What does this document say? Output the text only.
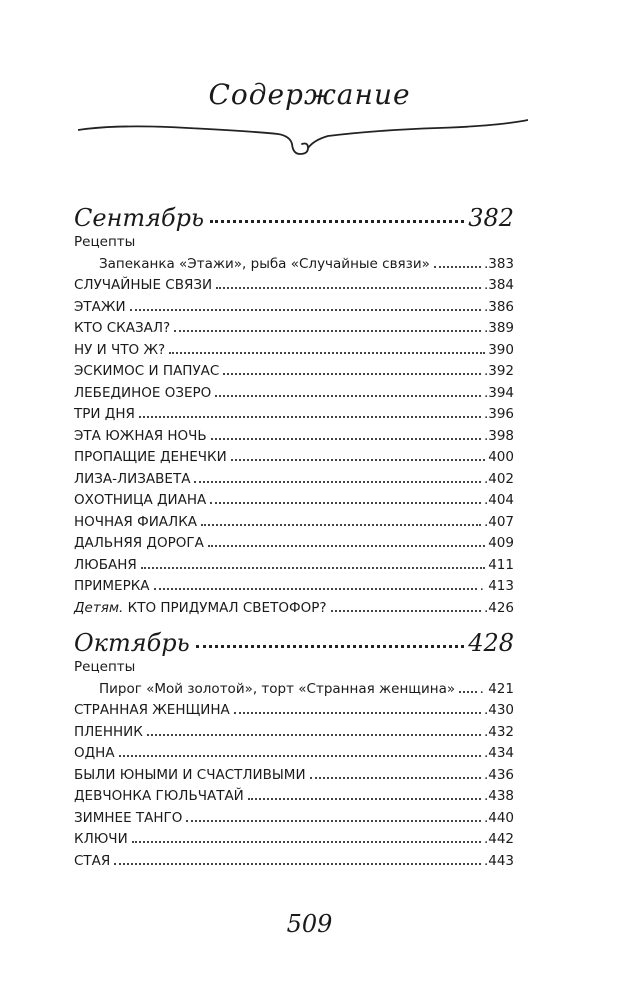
Содержание
Сентябрь	382
Рецепты
Запеканка «Этажи», рыба «Случайные связи»	.383
СЛУЧАЙНЫЕ СВЯЗИ	.384
ЭТАЖИ	.386
КТО СКАЗАЛ?	.389
НУ И ЧТО Ж?	390
ЭСКИМОС И ПАПУАС	.392
ЛЕБЕДИНОЕ ОЗЕРО	.394
ТРИ ДНЯ	.396
ЭТА ЮЖНАЯ НОЧЬ	.398
ПРОПАЩИЕ ДЕНЕЧКИ	400
ЛИЗА-ЛИЗАВЕТА	.402
ОХОТНИЦА ДИАНА	.404
НОЧНАЯ ФИАЛКА	.407
ДАЛЬНЯЯ ДОРОГА	409
ЛЮБАНЯ	411
ПРИМЕРКА	. 413
Детям. КТО ПРИДУМАЛ СВЕТОФОР?	.426
Октябрь	428
Рецепты
Пирог «Мой золотой», торт «Странная женщина» . 421
СТРАННАЯ ЖЕНЩИНА	.430
ПЛЕННИК	.432
ОДНА	.434
БЫЛИ ЮНЫМИ И СЧАСТЛИВЫМИ	.436
ДЕВЧОНКА ГЮЛЬЧАТАЙ	.438
ЗИМНЕЕ ТАНГО	.440
КЛЮЧИ	.442
СТАЯ	.443
509
